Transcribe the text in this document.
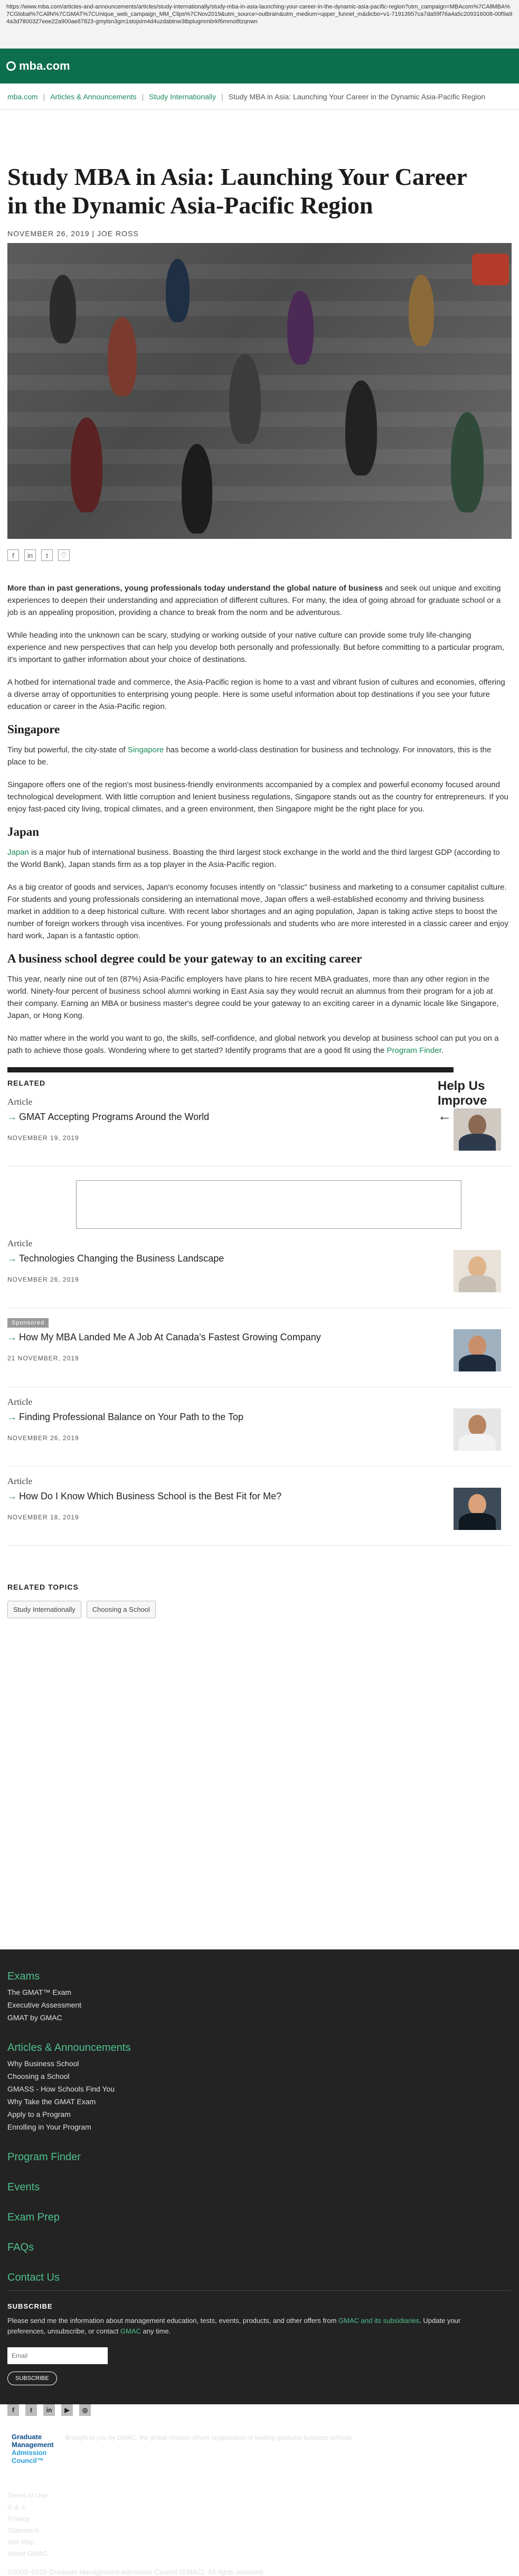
https://www.mba.com/articles-and-announcements/articles/study-internationally/study-mba-in-asia-launching-your-career-in-the-dynamic-asia-pacific-region?utm_campaign=MBAcom%7CAllMBA%7CGlobal%7CAllN%7CGMAT%7CUnique_web_campaign_MM_Clips%7CNov2019&utm_source=outbrain&utm_medium=upper_funnel_m&dicbo=v1-71913957ca7da59f76a4a5c209316008-00f9a94a3d7800327eee22a900ae87823-gmytsn3gm1stojsim4d4uzdabtnw3tbplugmmbrkf6mmo8tzqnwn
mba.com
mba.com | Articles & Announcements | Study Internationally | Study MBA in Asia: Launching Your Career in the Dynamic Asia-Pacific Region
Study MBA in Asia: Launching Your Career in the Dynamic Asia-Pacific Region
NOVEMBER 26, 2019 | JOE ROSS
f	in	t	♡

More than in past generations, young professionals today understand the global nature of business and seek out unique and exciting experiences to deepen their understanding and appreciation of different cultures. For many, the idea of going abroad for graduate school or a job is an appealing proposition, providing a chance to break from the norm and be adventurous.

While heading into the unknown can be scary, studying or working outside of your native culture can provide some truly life-changing experience and new perspectives that can help you develop both personally and professionally. But before committing to a particular program, it's important to gather information about your choice of destinations.

A hotbed for international trade and commerce, the Asia-Pacific region is home to a vast and vibrant fusion of cultures and economies, offering a diverse array of opportunities to enterprising young people. Here is some useful information about top destinations if you see your future education or career in the Asia-Pacific region.

Singapore

Tiny but powerful, the city-state of Singapore has become a world-class destination for business and technology. For innovators, this is the place to be.

Singapore offers one of the region's most business-friendly environments accompanied by a complex and powerful economy focused around technological development. With little corruption and lenient business regulations, Singapore stands out as the country for entrepreneurs. If you enjoy fast-paced city living, tropical climates, and a green environment, then Singapore might be the right place for you.

Japan

Japan is a major hub of international business. Boasting the third largest stock exchange in the world and the third largest GDP (according to the World Bank), Japan stands firm as a top player in the Asia-Pacific region.

As a big creator of goods and services, Japan's economy focuses intently on "classic" business and marketing to a consumer capitalist culture. For students and young professionals considering an international move, Japan offers a well-established economy and thriving business market in addition to a deep historical culture. With recent labor shortages and an aging population, Japan is taking active steps to boost the number of foreign workers through visa incentives. For young professionals and students who are more interested in a classic career and enjoy hard work, Japan is a fantastic option.

A business school degree could be your gateway to an exciting career

This year, nearly nine out of ten (87%) Asia-Pacific employers have plans to hire recent MBA graduates, more than any other region in the world. Ninety-four percent of business school alumni working in East Asia say they would recruit an alumnus from their program for a job at their company. Earning an MBA or business master's degree could be your gateway to an exciting career in a dynamic locale like Singapore, Japan, or Hong Kong.

No matter where in the world you want to go, the skills, self-confidence, and global network you develop at business school can put you on a path to achieve those goals. Wondering where to get started? Identify programs that are a good fit using the Program Finder.

RELATED	Help Us Improve
←
Article
→ GMAT Accepting Programs Around the World
NOVEMBER 19, 2019
Article
→ Technologies Changing the Business Landscape
NOVEMBER 26, 2019
Sponsored
→ How My MBA Landed Me A Job At Canada's Fastest Growing Company
21 NOVEMBER, 2019
Article
→ Finding Professional Balance on Your Path to the Top
NOVEMBER 26, 2019
Article
→ How Do I Know Which Business School is the Best Fit for Me?
NOVEMBER 18, 2019
RELATED TOPICS
Study Internationally	Choosing a School
Exams
The GMAT™ Exam
Executive Assessment
GMAT by GMAC
Articles & Announcements
Why Business School
Choosing a School
GMASS - How Schools Find You
Why Take the GMAT Exam
Apply to a Program
Enrolling in Your Program
Program Finder
Events
Exam Prep
FAQs
Contact Us
SUBSCRIBE
Please send me the information about management education, tests, events, products, and other offers from GMAC and its subsidiaries. Update your preferences, unsubscribe, or contact GMAC any time.
Email
SUBSCRIBE
f	t	in	▶	◎
Graduate
Management
Admission
Council™
Brought to you by GMAC, the global mission-driven organization of leading graduate business schools.
Terms of Use
© & ©
Privacy
Statement
Site Map
About GMAC
©2002–2019 Graduate Management Admission Council (GMAC). All rights reserved.
